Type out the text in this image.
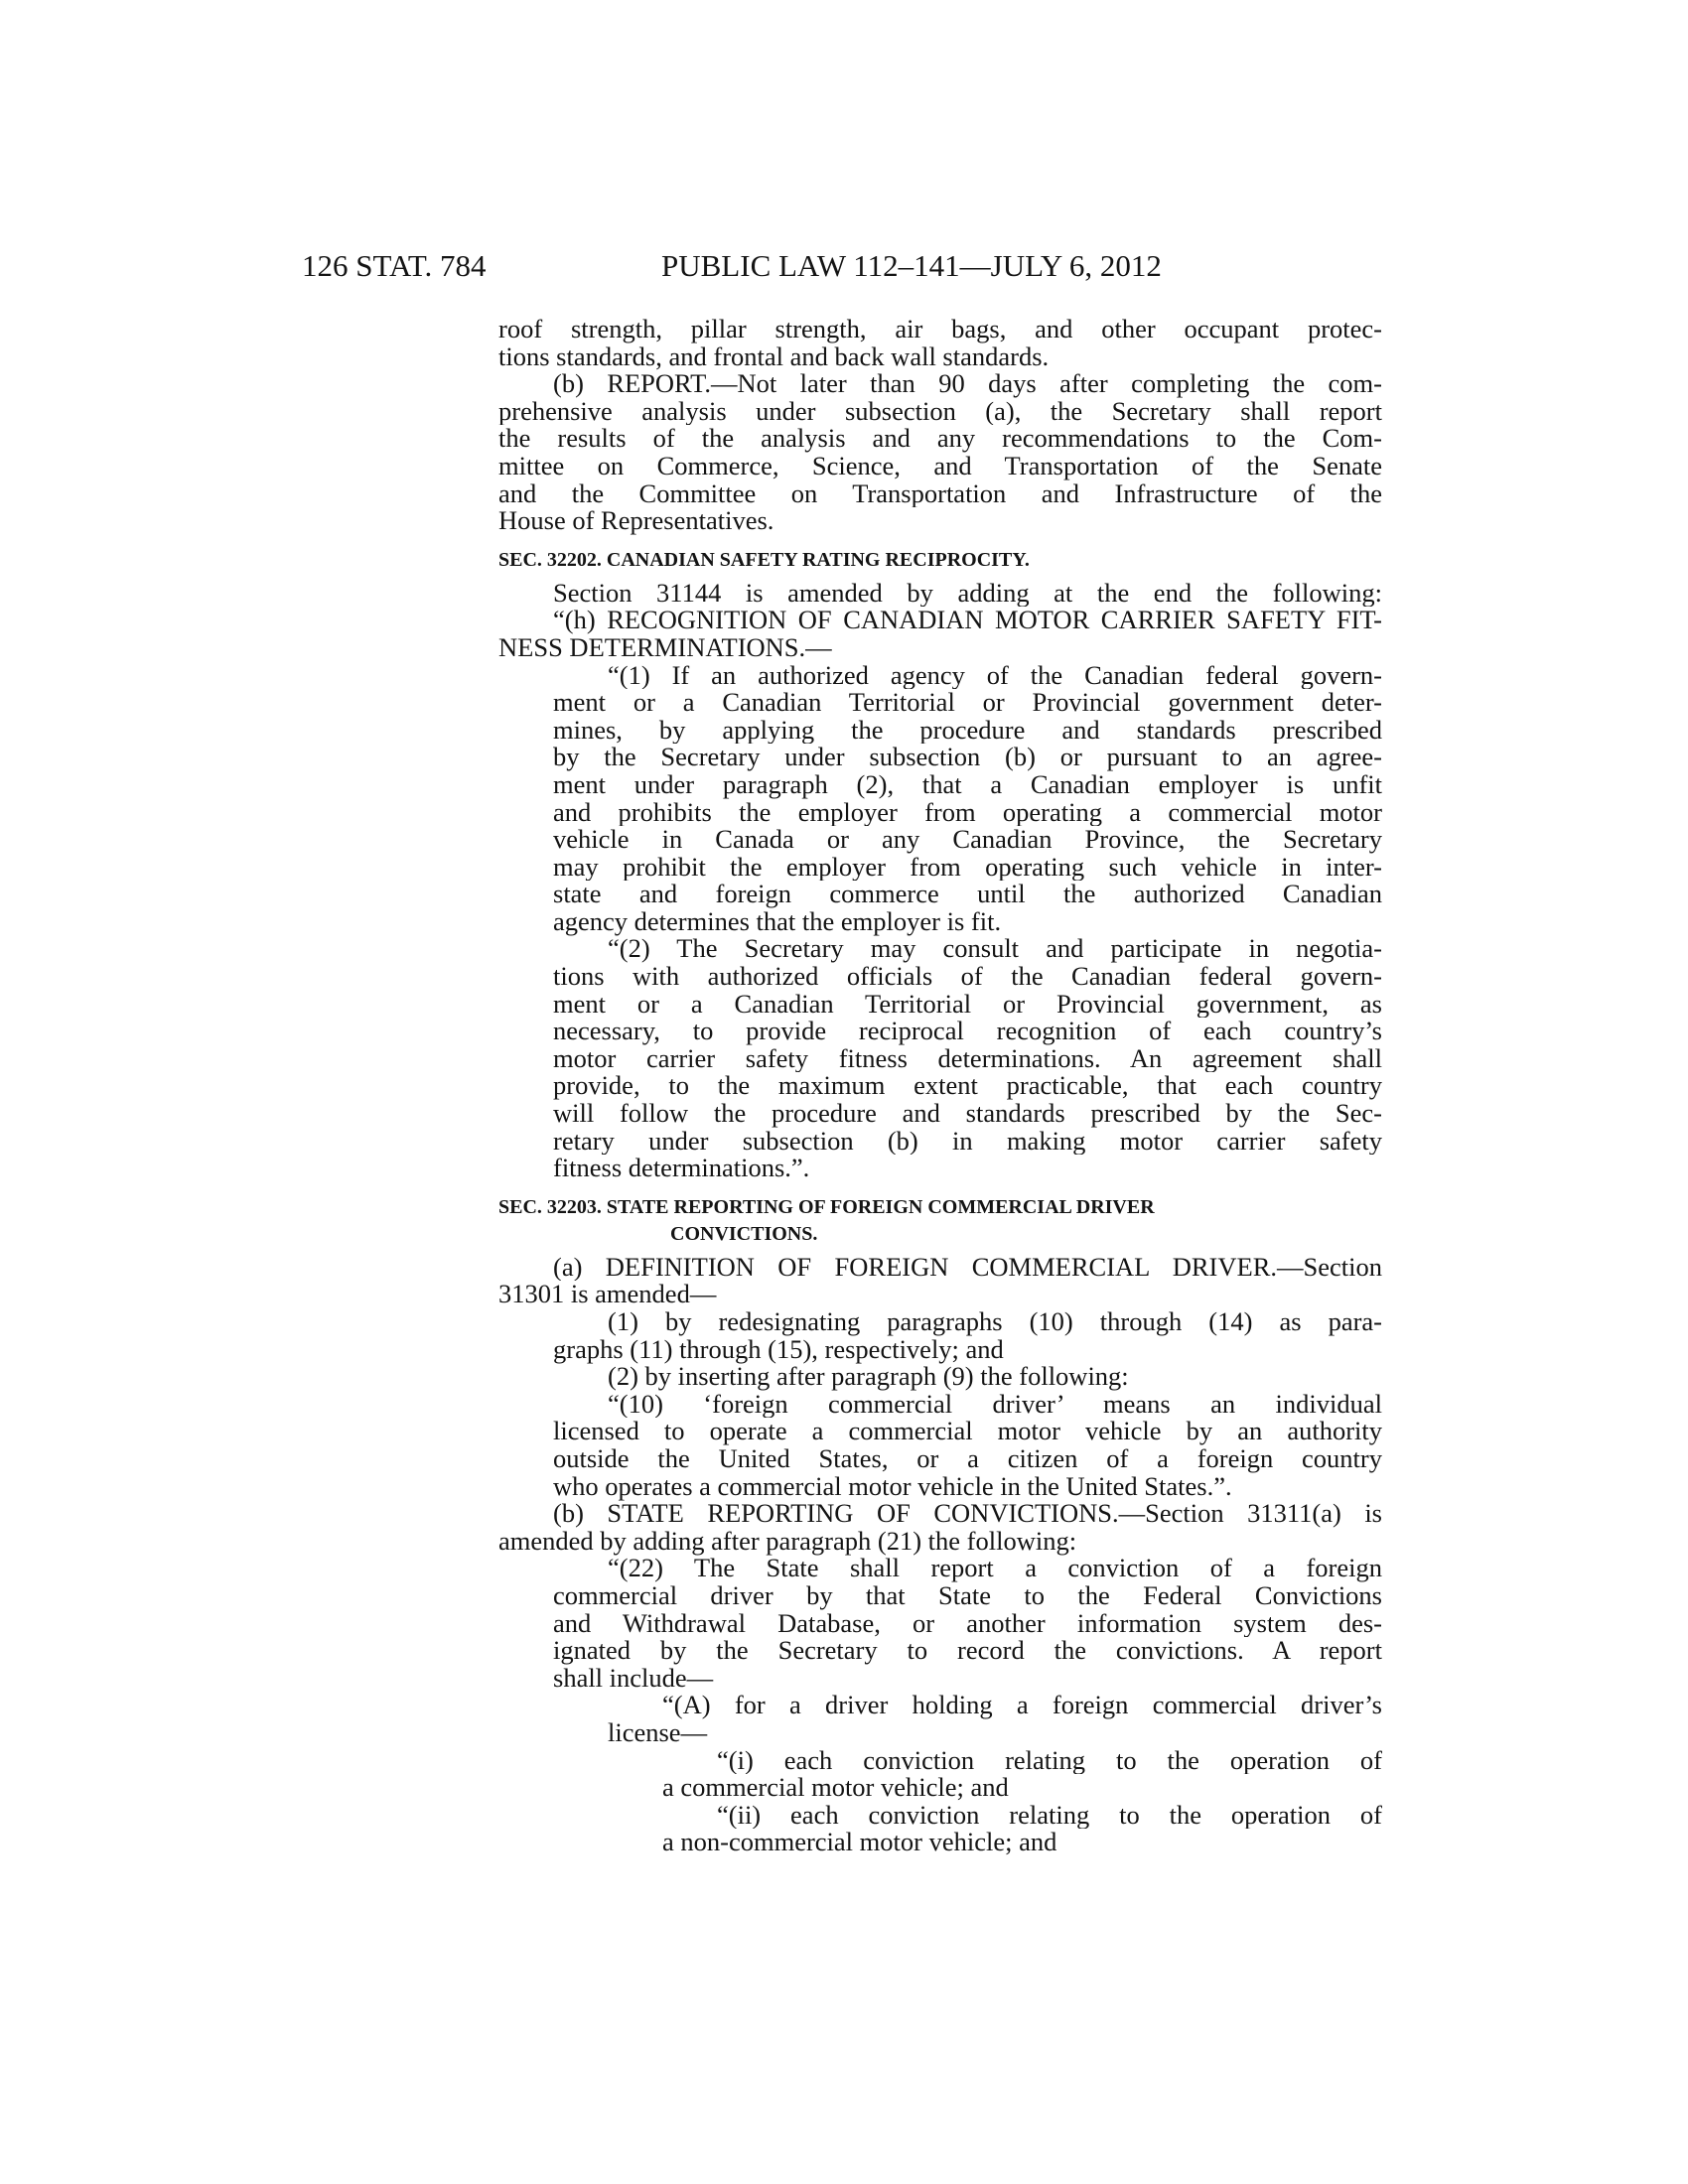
126 STAT. 784	PUBLIC LAW 112–141—JULY 6, 2012
roof strength, pillar strength, air bags, and other occupant protec-
tions standards, and frontal and back wall standards.
(b) REPORT.—Not later than 90 days after completing the com-
prehensive analysis under subsection (a), the Secretary shall report
the results of the analysis and any recommendations to the Com-
mittee on Commerce, Science, and Transportation of the Senate
and the Committee on Transportation and Infrastructure of the
House of Representatives.
SEC. 32202. CANADIAN SAFETY RATING RECIPROCITY.
Section 31144 is amended by adding at the end the following:
“(h) RECOGNITION OF CANADIAN MOTOR CARRIER SAFETY FIT-
NESS DETERMINATIONS.—
“(1) If an authorized agency of the Canadian federal govern-
ment or a Canadian Territorial or Provincial government deter-
mines, by applying the procedure and standards prescribed
by the Secretary under subsection (b) or pursuant to an agree-
ment under paragraph (2), that a Canadian employer is unfit
and prohibits the employer from operating a commercial motor
vehicle in Canada or any Canadian Province, the Secretary
may prohibit the employer from operating such vehicle in inter-
state and foreign commerce until the authorized Canadian
agency determines that the employer is fit.
“(2) The Secretary may consult and participate in negotia-
tions with authorized officials of the Canadian federal govern-
ment or a Canadian Territorial or Provincial government, as
necessary, to provide reciprocal recognition of each country’s
motor carrier safety fitness determinations. An agreement shall
provide, to the maximum extent practicable, that each country
will follow the procedure and standards prescribed by the Sec-
retary under subsection (b) in making motor carrier safety
fitness determinations.”.
SEC. 32203. STATE REPORTING OF FOREIGN COMMERCIAL DRIVER
CONVICTIONS.
(a) DEFINITION OF FOREIGN COMMERCIAL DRIVER.—Section
31301 is amended—
(1) by redesignating paragraphs (10) through (14) as para-
graphs (11) through (15), respectively; and
(2) by inserting after paragraph (9) the following:
“(10) ‘foreign commercial driver’ means an individual
licensed to operate a commercial motor vehicle by an authority
outside the United States, or a citizen of a foreign country
who operates a commercial motor vehicle in the United States.”.
(b) STATE REPORTING OF CONVICTIONS.—Section 31311(a) is
amended by adding after paragraph (21) the following:
“(22) The State shall report a conviction of a foreign
commercial driver by that State to the Federal Convictions
and Withdrawal Database, or another information system des-
ignated by the Secretary to record the convictions. A report
shall include—
“(A) for a driver holding a foreign commercial driver’s
license—
“(i) each conviction relating to the operation of
a commercial motor vehicle; and
“(ii) each conviction relating to the operation of
a non-commercial motor vehicle; and
